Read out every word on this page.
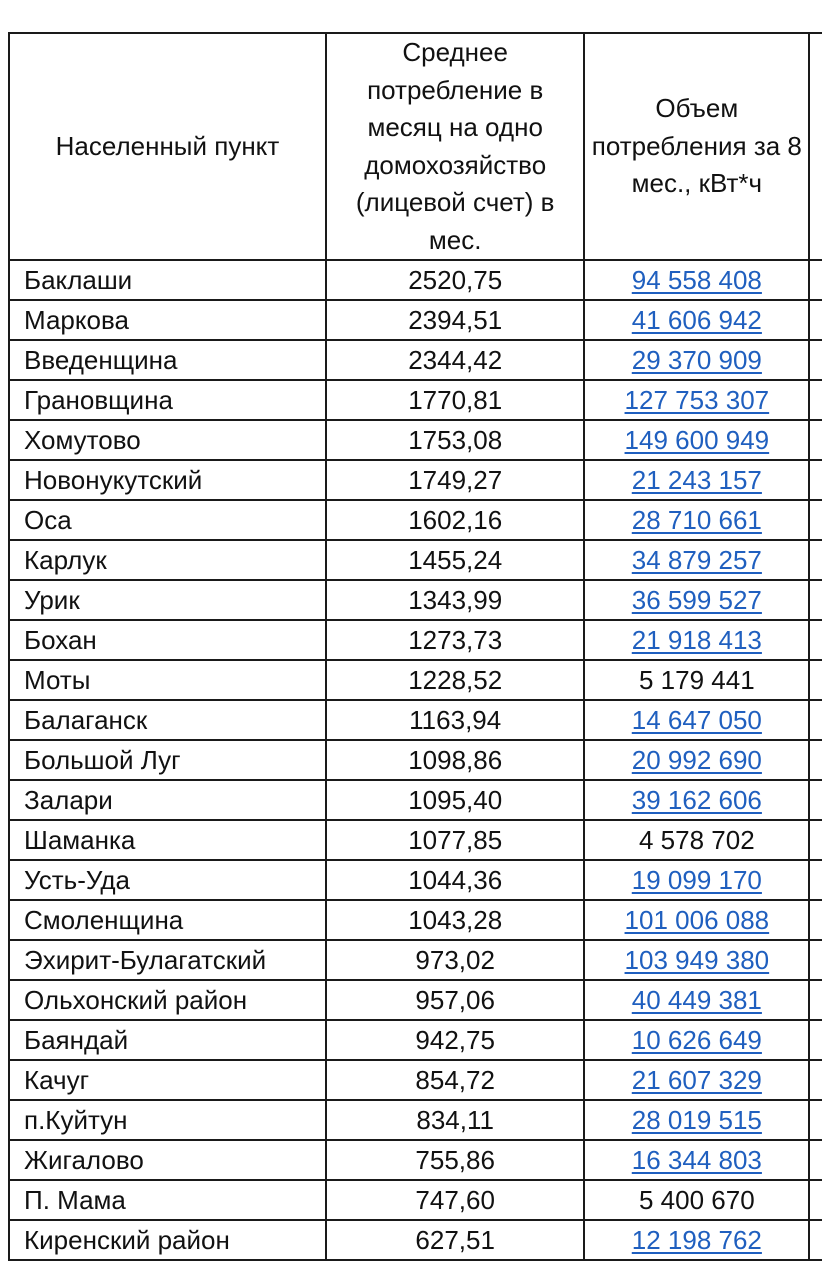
Населенный пункт	Среднее потребление в месяц на одно домохозяйство (лицевой счет) в мес.	Объем потребления за 8 мес., кВт*ч	
Баклаши	2520,75	94 558 408	
Маркова	2394,51	41 606 942	
Введенщина	2344,42	29 370 909	
Грановщина	1770,81	127 753 307	
Хомутово	1753,08	149 600 949	
Новонукутский	1749,27	21 243 157	
Оса	1602,16	28 710 661	
Карлук	1455,24	34 879 257	
Урик	1343,99	36 599 527	
Бохан	1273,73	21 918 413	
Моты	1228,52	5 179 441	
Балаганск	1163,94	14 647 050	
Большой Луг	1098,86	20 992 690	
Залари	1095,40	39 162 606	
Шаманка	1077,85	4 578 702	
Усть-Уда	1044,36	19 099 170	
Смоленщина	1043,28	101 006 088	
Эхирит-Булагатский	973,02	103 949 380	
Ольхонский район	957,06	40 449 381	
Баяндай	942,75	10 626 649	
Качуг	854,72	21 607 329	
п.Куйтун	834,11	28 019 515	
Жигалово	755,86	16 344 803	
П. Мама	747,60	5 400 670	
Киренский район	627,51	12 198 762	
